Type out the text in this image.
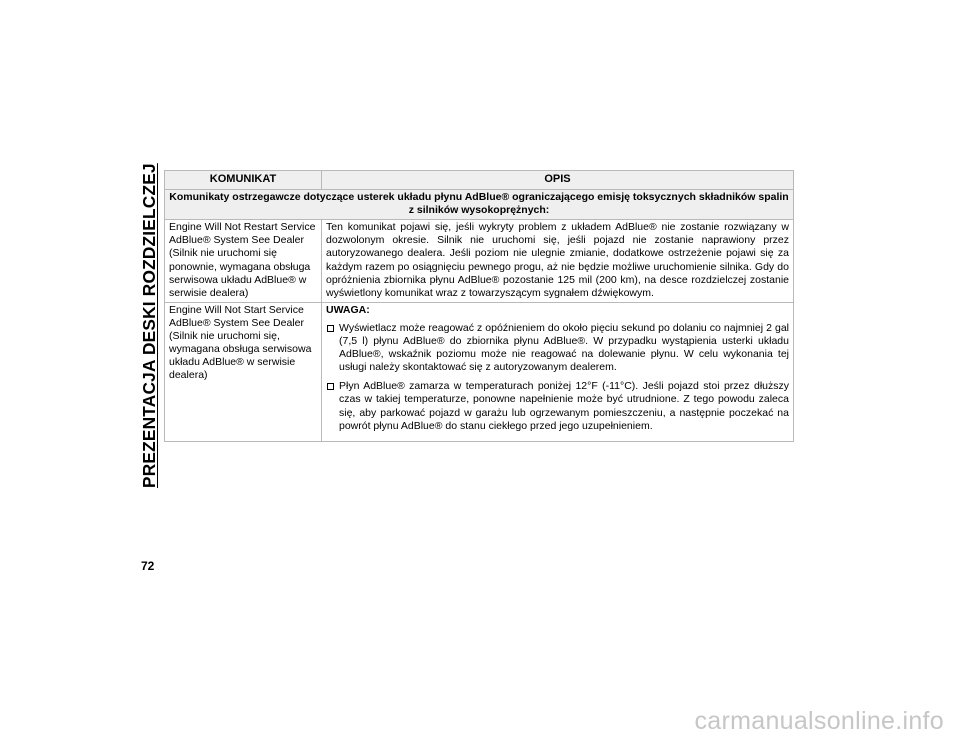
PREZENTACJA DESKI ROZDZIELCZEJ	KOMUNIKAT	OPIS
Komunikaty ostrzegawcze dotyczące usterek układu płynu AdBlue® ograniczającego emisję toksycznych składników spalin z silników wysokoprężnych:	
Engine Will Not Restart Service AdBlue® System See Dealer (Silnik nie uruchomi się ponownie, wymagana obsługa serwisowa układu AdBlue® w serwisie dealera)	Ten komunikat pojawi się, jeśli wykryty problem z układem AdBlue® nie zostanie rozwiązany w dozwolonym okresie. Silnik nie uruchomi się, jeśli pojazd nie zostanie naprawiony przez autoryzowanego dealera. Jeśli poziom nie ulegnie zmianie, dodatkowe ostrzeżenie pojawi się za każdym razem po osiągnięciu pewnego progu, aż nie będzie możliwe uruchomienie silnika. Gdy do opróżnienia zbiornika płynu AdBlue® pozostanie 125 mil (200 km), na desce rozdzielczej zostanie wyświetlony komunikat wraz z towarzyszącym sygnałem dźwiękowym.
Engine Will Not Start Service AdBlue® System See Dealer (Silnik nie uruchomi się, wymagana obsługa serwisowa układu AdBlue® w serwisie dealera)	UWAGA:
Wyświetlacz może reagować z opóźnieniem do około pięciu sekund po dolaniu co najmniej 2 gal (7,5 l) płynu AdBlue® do zbiornika płynu AdBlue®. W przypadku wystąpienia usterki układu AdBlue®, wskaźnik poziomu może nie reagować na dolewanie płynu. W celu wykonania tej usługi należy skontaktować się z autoryzowanym dealerem.
Płyn AdBlue® zamarza w temperaturach poniżej 12°F (-11°C). Jeśli pojazd stoi przez dłuższy czas w takiej temperaturze, ponowne napełnienie może być utrudnione. Z tego powodu zaleca się, aby parkować pojazd w garażu lub ogrzewanym pomieszczeniu, a następnie poczekać na powrót płynu AdBlue® do stanu ciekłego przed jego uzupełnieniem.
72
carmanualsonline.info
